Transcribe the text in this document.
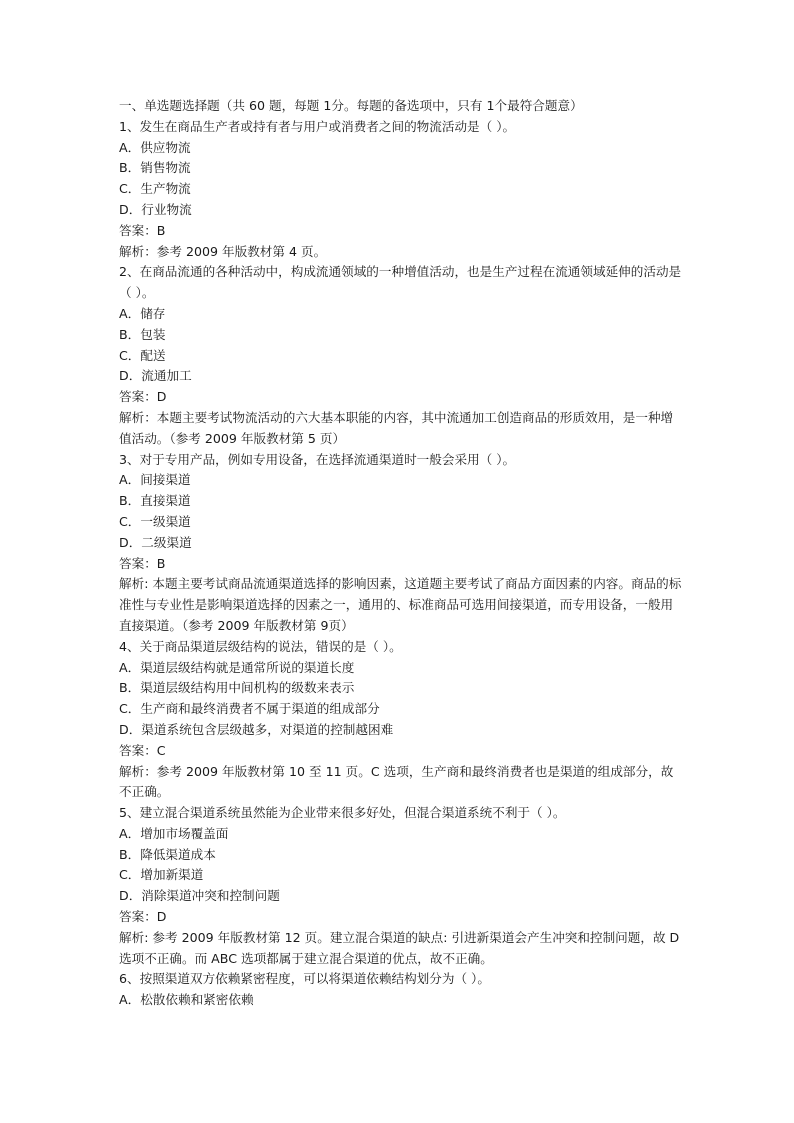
一、单选题选择题（共 60 题，每题 1分。每题的备选项中，只有 1个最符合题意）
1、发生在商品生产者或持有者与用户或消费者之间的物流活动是（ ）。
A．供应物流
B．销售物流
C．生产物流
D．行业物流
答案：B
解析：参考 2009 年版教材第 4 页。
2、在商品流通的各种活动中，构成流通领域的一种增值活动，也是生产过程在流通领域延伸的活动是（ ）。
A．储存
B．包装
C．配送
D．流通加工
答案：D
解析：本题主要考试物流活动的六大基本职能的内容，其中流通加工创造商品的形质效用，是一种增值活动。（参考 2009 年版教材第 5 页）
3、对于专用产品，例如专用设备，在选择流通渠道时一般会采用（ ）。
A．间接渠道
B．直接渠道
C．一级渠道
D．二级渠道
答案：B
解析: 本题主要考试商品流通渠道选择的影响因素，这道题主要考试了商品方面因素的内容。商品的标准性与专业性是影响渠道选择的因素之一，通用的、标准商品可选用间接渠道，而专用设备，一般用直接渠道。（参考 2009 年版教材第 9页）
4、关于商品渠道层级结构的说法，错误的是（ ）。
A．渠道层级结构就是通常所说的渠道长度
B．渠道层级结构用中间机构的级数来表示
C．生产商和最终消费者不属于渠道的组成部分
D．渠道系统包含层级越多，对渠道的控制越困难
答案：C
解析：参考 2009 年版教材第 10 至 11 页。C 选项，生产商和最终消费者也是渠道的组成部分，故不正确。
5、建立混合渠道系统虽然能为企业带来很多好处，但混合渠道系统不利于（ ）。
A．增加市场覆盖面
B．降低渠道成本
C．增加新渠道
D．消除渠道冲突和控制问题
答案：D
解析: 参考 2009 年版教材第 12 页。建立混合渠道的缺点: 引进新渠道会产生冲突和控制问题，故 D 选项不正确。而 ABC 选项都属于建立混合渠道的优点，故不正确。
6、按照渠道双方依赖紧密程度，可以将渠道依赖结构划分为（ ）。
A．松散依赖和紧密依赖
